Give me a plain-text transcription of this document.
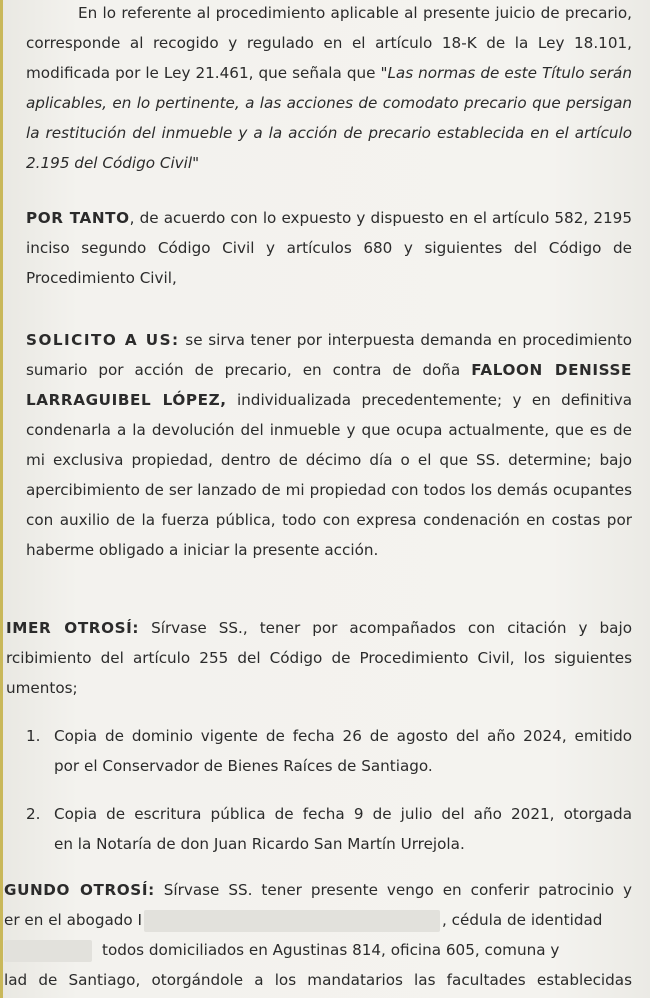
En lo referente al procedimiento aplicable al presente juicio de precario, corresponde al recogido y regulado en el artículo 18-K de la Ley 18.101, modificada por le Ley 21.461, que señala que "Las normas de este Título serán aplicables, en lo pertinente, a las acciones de comodato precario que persigan la restitución del inmueble y a la acción de precario establecida en el artículo 2.195 del Código Civil"

POR TANTO, de acuerdo con lo expuesto y dispuesto en el artículo 582, 2195 inciso segundo Código Civil y artículos 680 y siguientes del Código de Procedimiento Civil,

SOLICITO A US: se sirva tener por interpuesta demanda en procedimiento sumario por acción de precario, en contra de doña FALOON DENISSE LARRAGUIBEL LÓPEZ, individualizada precedentemente; y en definitiva condenarla a la devolución del inmueble y que ocupa actualmente, que es de mi exclusiva propiedad, dentro de décimo día o el que SS. determine; bajo apercibimiento de ser lanzado de mi propiedad con todos los demás ocupantes con auxilio de la fuerza pública, todo con expresa condenación en costas por haberme obligado a iniciar la presente acción.

IMER OTROSÍ: Sírvase SS., tener por acompañados con citación y bajo
rcibimiento del artículo 255 del Código de Procedimiento Civil, los siguientes
umentos;
1. Copia de dominio vigente de fecha 26 de agosto del año 2024, emitido
por el Conservador de Bienes Raíces de Santiago.
2. Copia de escritura pública de fecha 9 de julio del año 2021, otorgada
en la Notaría de don Juan Ricardo San Martín Urrejola.
GUNDO OTROSÍ: Sírvase SS. tener presente vengo en conferir patrocinio y
er en el abogado I	, cédula de identidad
todos domiciliados en Agustinas 814, oficina 605, comuna y
lad de Santiago, otorgándole a los mandatarios las facultades establecidas
